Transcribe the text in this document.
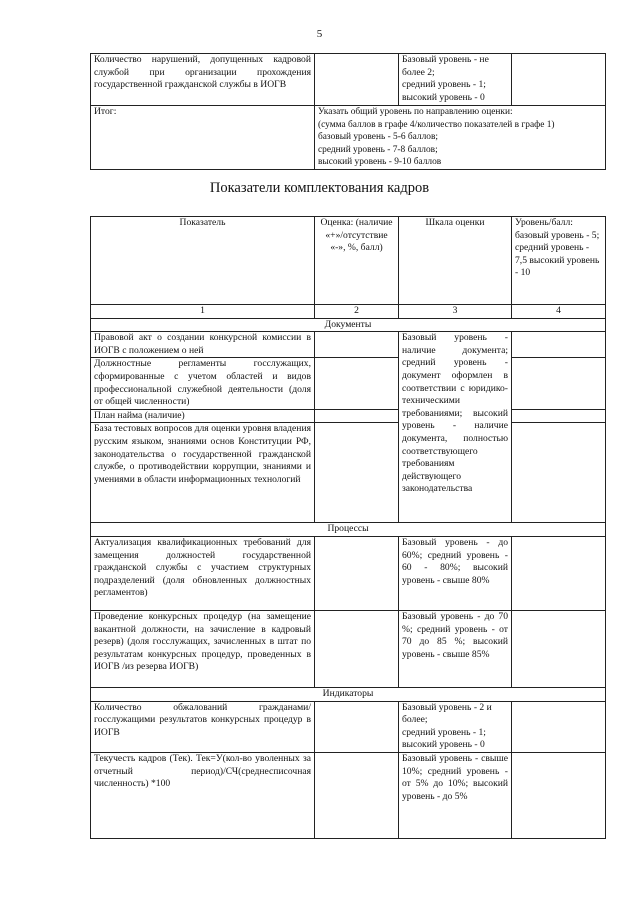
5
Количество нарушений, допущенных кадровой службой при организации прохождения государственной гражданской службы в ИОГВ		Базовый уровень - не более 2;
средний уровень - 1;
высокий уровень - 0	

Итог:	Указать общий уровень по направлению оценки:
(сумма баллов в графе 4/количество показателей в графе 1)
базовый уровень - 5-6 баллов;
средний уровень - 7-8 баллов;
высокий уровень - 9-10 баллов		
Показатели комплектования кадров
Показатель	Оценка: (наличие «+»/отсутствие «-», %, балл)	Шкала оценки	Уровень/балл: базовый уровень - 5; средний уровень - 7,5 высокий уровень - 10
1	2	3	4
Документы			
Правовой акт о создании конкурсной комиссии в ИОГВ с положением о ней		Базовый уровень - наличие документа; средний уровень - документ оформлен в соответствии с юридико-техническими требованиями; высокий уровень - наличие документа, полностью соответствующего требованиям действующего законодательства	
Должностные регламенты госслужащих, сформированные с учетом областей и видов профессиональной служебной деятельности (доля от общей численности)			
План найма (наличие)			
База тестовых вопросов для оценки уровня владения русским языком, знаниями основ Конституции РФ, законодательства о государственной гражданской службе, о противодействии коррупции, знаниями и умениями в области информационных технологий			
Процессы			
Актуализация квалификационных требований для замещения должностей государственной гражданской службы с участием структурных подразделений (доля обновленных должностных регламентов)		Базовый уровень - до 60%; средний уровень - 60 - 80%; высокий уровень - свыше 80%	
Проведение конкурсных процедур (на замещение вакантной должности, на зачисление в кадровый резерв) (доля госслужащих, зачисленных в штат по результатам конкурсных процедур, проведенных в ИОГВ /из резерва ИОГВ)		Базовый уровень - до 70 %; средний уровень - от 70 до 85 %; высокий уровень - свыше 85%	
Индикаторы			
Количество обжалований гражданами/госслужащими результатов конкурсных процедур в ИОГВ		Базовый уровень - 2 и более;
средний уровень - 1;
высокий уровень - 0	

Текучесть кадров (Тек). Тек=У(кол-во уволенных за отчетный период)/СЧ(среднесписочная численность) *100		Базовый уровень - свыше 10%; средний уровень - от 5% до 10%; высокий уровень - до 5%	
